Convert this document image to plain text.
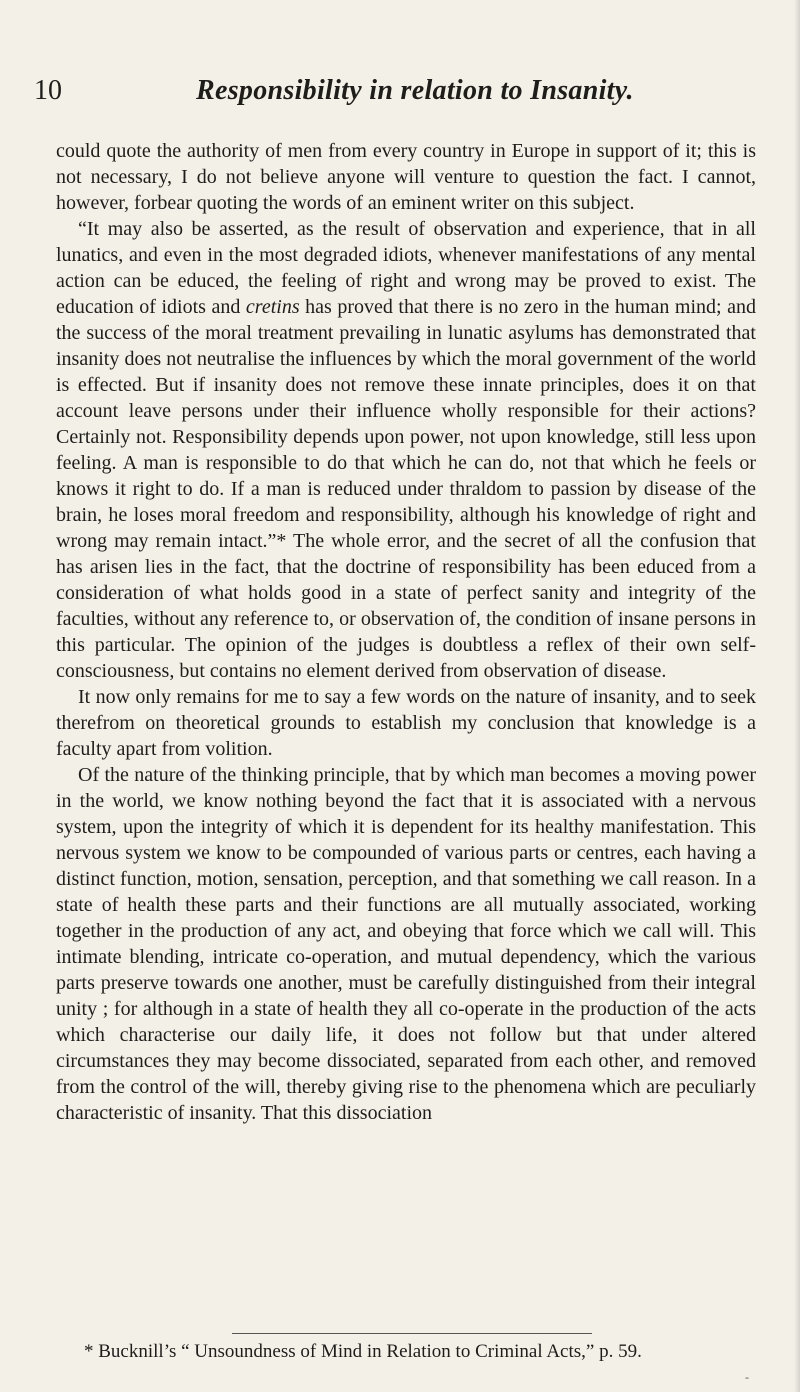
10	Responsibility in relation to Insanity.

could quote the authority of men from every country in Europe in support of it; this is not necessary, I do not believe anyone will venture to question the fact. I cannot, however, forbear quoting the words of an eminent writer on this subject.

“It may also be asserted, as the result of observation and experience, that in all lunatics, and even in the most degraded idiots, whenever manifestations of any mental action can be educed, the feeling of right and wrong may be proved to exist. The education of idiots and cretins has proved that there is no zero in the human mind; and the success of the moral treatment prevailing in lunatic asylums has demonstrated that insanity does not neutralise the influences by which the moral government of the world is effected. But if insanity does not remove these innate principles, does it on that account leave persons under their influence wholly responsible for their actions? Certainly not. Responsibility depends upon power, not upon knowledge, still less upon feeling. A man is responsible to do that which he can do, not that which he feels or knows it right to do. If a man is reduced under thraldom to passion by disease of the brain, he loses moral freedom and responsibility, although his knowledge of right and wrong may remain intact.”* The whole error, and the secret of all the confusion that has arisen lies in the fact, that the doctrine of responsibility has been educed from a consideration of what holds good in a state of perfect sanity and integrity of the faculties, without any reference to, or observation of, the condition of insane persons in this particular. The opinion of the judges is doubtless a reflex of their own self-consciousness, but contains no element derived from observation of disease.

It now only remains for me to say a few words on the nature of insanity, and to seek therefrom on theoretical grounds to establish my conclusion that knowledge is a faculty apart from volition.

Of the nature of the thinking principle, that by which man becomes a moving power in the world, we know nothing beyond the fact that it is associated with a nervous system, upon the integrity of which it is dependent for its healthy manifestation. This nervous system we know to be compounded of various parts or centres, each having a distinct function, motion, sensation, perception, and that something we call reason. In a state of health these parts and their functions are all mutually associated, working together in the production of any act, and obeying that force which we call will. This intimate blending, intricate co-operation, and mutual dependency, which the various parts preserve towards one another, must be carefully distinguished from their integral unity ; for although in a state of health they all co-operate in the production of the acts which characterise our daily life, it does not follow but that under altered circumstances they may become dissociated, separated from each other, and removed from the control of the will, thereby giving rise to the phenomena which are peculiarly characteristic of insanity. That this dissociation

* Bucknill’s “ Unsoundness of Mind in Relation to Criminal Acts,” p. 59.
-
